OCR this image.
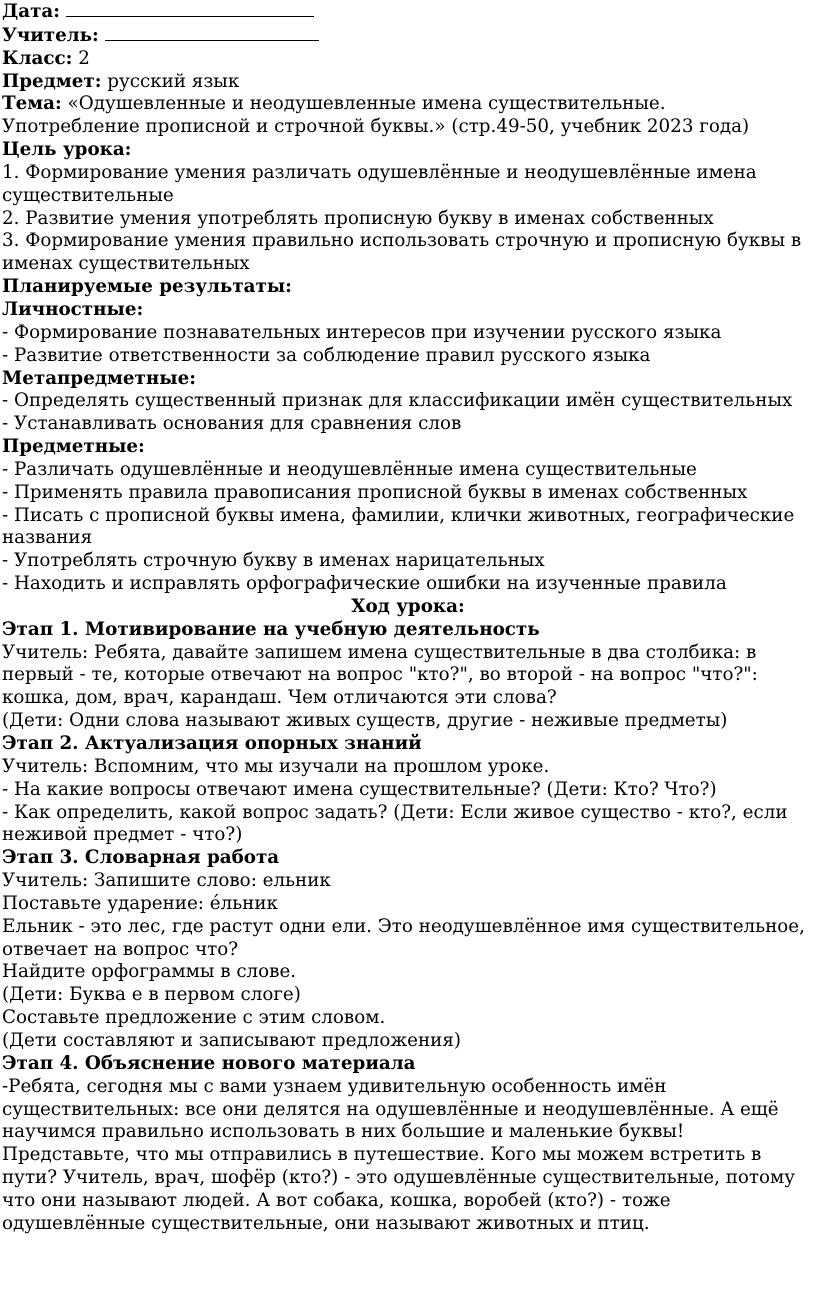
Дата:
Учитель:
Класс: 2
Предмет: русский язык
Тема: «Одушевленные и неодушевленные имена существительные.
Употребление прописной и строчной буквы.» (стр.49-50, учебник 2023 года)
Цель урока:
1. Формирование умения различать одушевлённые и неодушевлённые имена существительные
2. Развитие умения употреблять прописную букву в именах собственных
3. Формирование умения правильно использовать строчную и прописную буквы в именах существительных
Планируемые результаты:
Личностные:
- Формирование познавательных интересов при изучении русского языка
- Развитие ответственности за соблюдение правил русского языка
Метапредметные:
- Определять существенный признак для классификации имён существительных
- Устанавливать основания для сравнения слов
Предметные:
- Различать одушевлённые и неодушевлённые имена существительные
- Применять правила правописания прописной буквы в именах собственных
- Писать с прописной буквы имена, фамилии, клички животных, географические названия
- Употреблять строчную букву в именах нарицательных
- Находить и исправлять орфографические ошибки на изученные правила
Ход урока:
Этап 1. Мотивирование на учебную деятельность
Учитель: Ребята, давайте запишем имена существительные в два столбика: в первый - те, которые отвечают на вопрос "кто?", во второй - на вопрос "что?": кошка, дом, врач, карандаш. Чем отличаются эти слова?
(Дети: Одни слова называют живых существ, другие - неживые предметы)
Этап 2. Актуализация опорных знаний
Учитель: Вспомним, что мы изучали на прошлом уроке.
- На какие вопросы отвечают имена существительные? (Дети: Кто? Что?)
- Как определить, какой вопрос задать? (Дети: Если живое существо - кто?, если неживой предмет - что?)
Этап 3. Словарная работа
Учитель: Запишите слово: ельник
Поставьте ударение: е́льник
Ельник - это лес, где растут одни ели. Это неодушевлённое имя существительное, отвечает на вопрос что?
Найдите орфограммы в слове.
(Дети: Буква е в первом слоге)
Составьте предложение с этим словом.
(Дети составляют и записывают предложения)
Этап 4. Объяснение нового материала
-Ребята, сегодня мы с вами узнаем удивительную особенность имён существительных: все они делятся на одушевлённые и неодушевлённые. А ещё научимся правильно использовать в них большие и маленькие буквы!
Представьте, что мы отправились в путешествие. Кого мы можем встретить в пути? Учитель, врач, шофёр (кто?) - это одушевлённые существительные, потому что они называют людей. А вот собака, кошка, воробей (кто?) - тоже одушевлённые существительные, они называют животных и птиц.
